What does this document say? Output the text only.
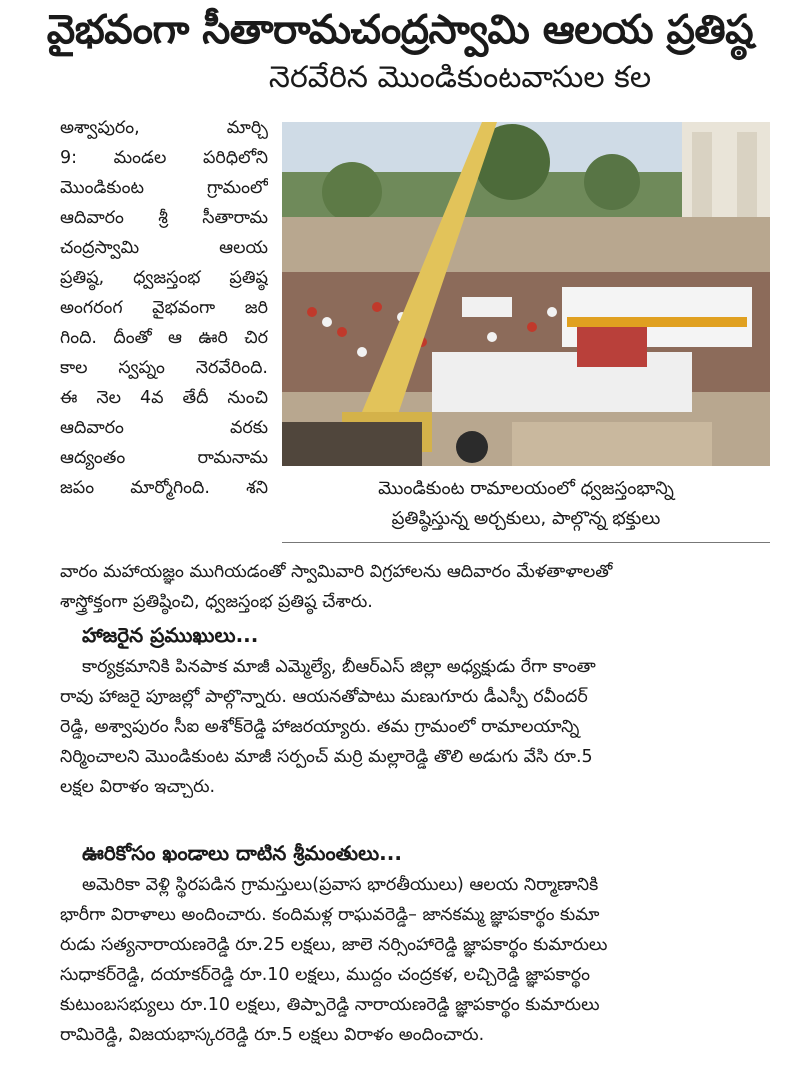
వైభవంగా సీతారామచంద్రస్వామి ఆలయ ప్రతిష్ఠ
నెరవేరిన మొండికుంటవాసుల కల
అశ్వాపురం, మార్చి
9: మండల పరిధిలోని
మొండికుంట గ్రామంలో
ఆదివారం శ్రీ సీతారామ
చంద్రస్వామి ఆలయ
ప్రతిష్ఠ, ధ్వజస్తంభ ప్రతిష్ఠ
అంగరంగ వైభవంగా జరి
గింది. దీంతో ఆ ఊరి చిర
కాల స్వప్నం నెరవేరింది.
ఈ నెల 4వ తేదీ నుంచి
ఆదివారం వరకు
ఆద్యంతం రామనామ
జపం మార్మోగింది. శని	మొండికుంట రామాలయంలో ధ్వజస్తంభాన్ని
ప్రతిష్ఠిస్తున్న అర్చకులు, పాల్గొన్న భక్తులు
వారం మహాయజ్ఞం ముగియడంతో స్వామివారి విగ్రహాలను ఆదివారం మేళతాళాలతో
శాస్త్రోక్తంగా ప్రతిష్ఠించి, ధ్వజస్తంభ ప్రతిష్ఠ చేశారు.
హాజరైన ప్రముఖులు...
కార్యక్రమానికి పినపాక మాజీ ఎమ్మెల్యే, బీఆర్ఎస్ జిల్లా అధ్యక్షుడు రేగా కాంతా
రావు హాజరై పూజల్లో పాల్గొన్నారు. ఆయనతోపాటు మణుగూరు డీఎస్పీ రవీందర్
రెడ్డి, అశ్వాపురం సీఐ అశోక్‌రెడ్డి హాజరయ్యారు. తమ గ్రామంలో రామాలయాన్ని
నిర్మించాలని మొండికుంట మాజీ సర్పంచ్ మర్రి మల్లారెడ్డి తొలి అడుగు వేసి రూ.5
లక్షల విరాళం ఇచ్చారు.
ఊరికోసం ఖండాలు దాటిన శ్రీమంతులు...
అమెరికా వెళ్లి స్థిరపడిన గ్రామస్తులు(ప్రవాస భారతీయులు) ఆలయ నిర్మాణానికి
భారీగా విరాళాలు అందించారు. కందిమళ్ల రాఘవరెడ్డి– జానకమ్మ జ్ఞాపకార్థం కుమా
రుడు సత్యనారాయణరెడ్డి రూ.25 లక్షలు, జాలె నర్సింహారెడ్డి జ్ఞాపకార్థం కుమారులు
సుధాకర్‌రెడ్డి, దయాకర్‌రెడ్డి రూ.10 లక్షలు, ముద్దం చంద్రకళ, లచ్చిరెడ్డి జ్ఞాపకార్థం
కుటుంబసభ్యులు రూ.10 లక్షలు, తిప్పారెడ్డి నారాయణరెడ్డి జ్ఞాపకార్థం కుమారులు
రామిరెడ్డి, విజయభాస్కరరెడ్డి రూ.5 లక్షలు విరాళం అందించారు.
